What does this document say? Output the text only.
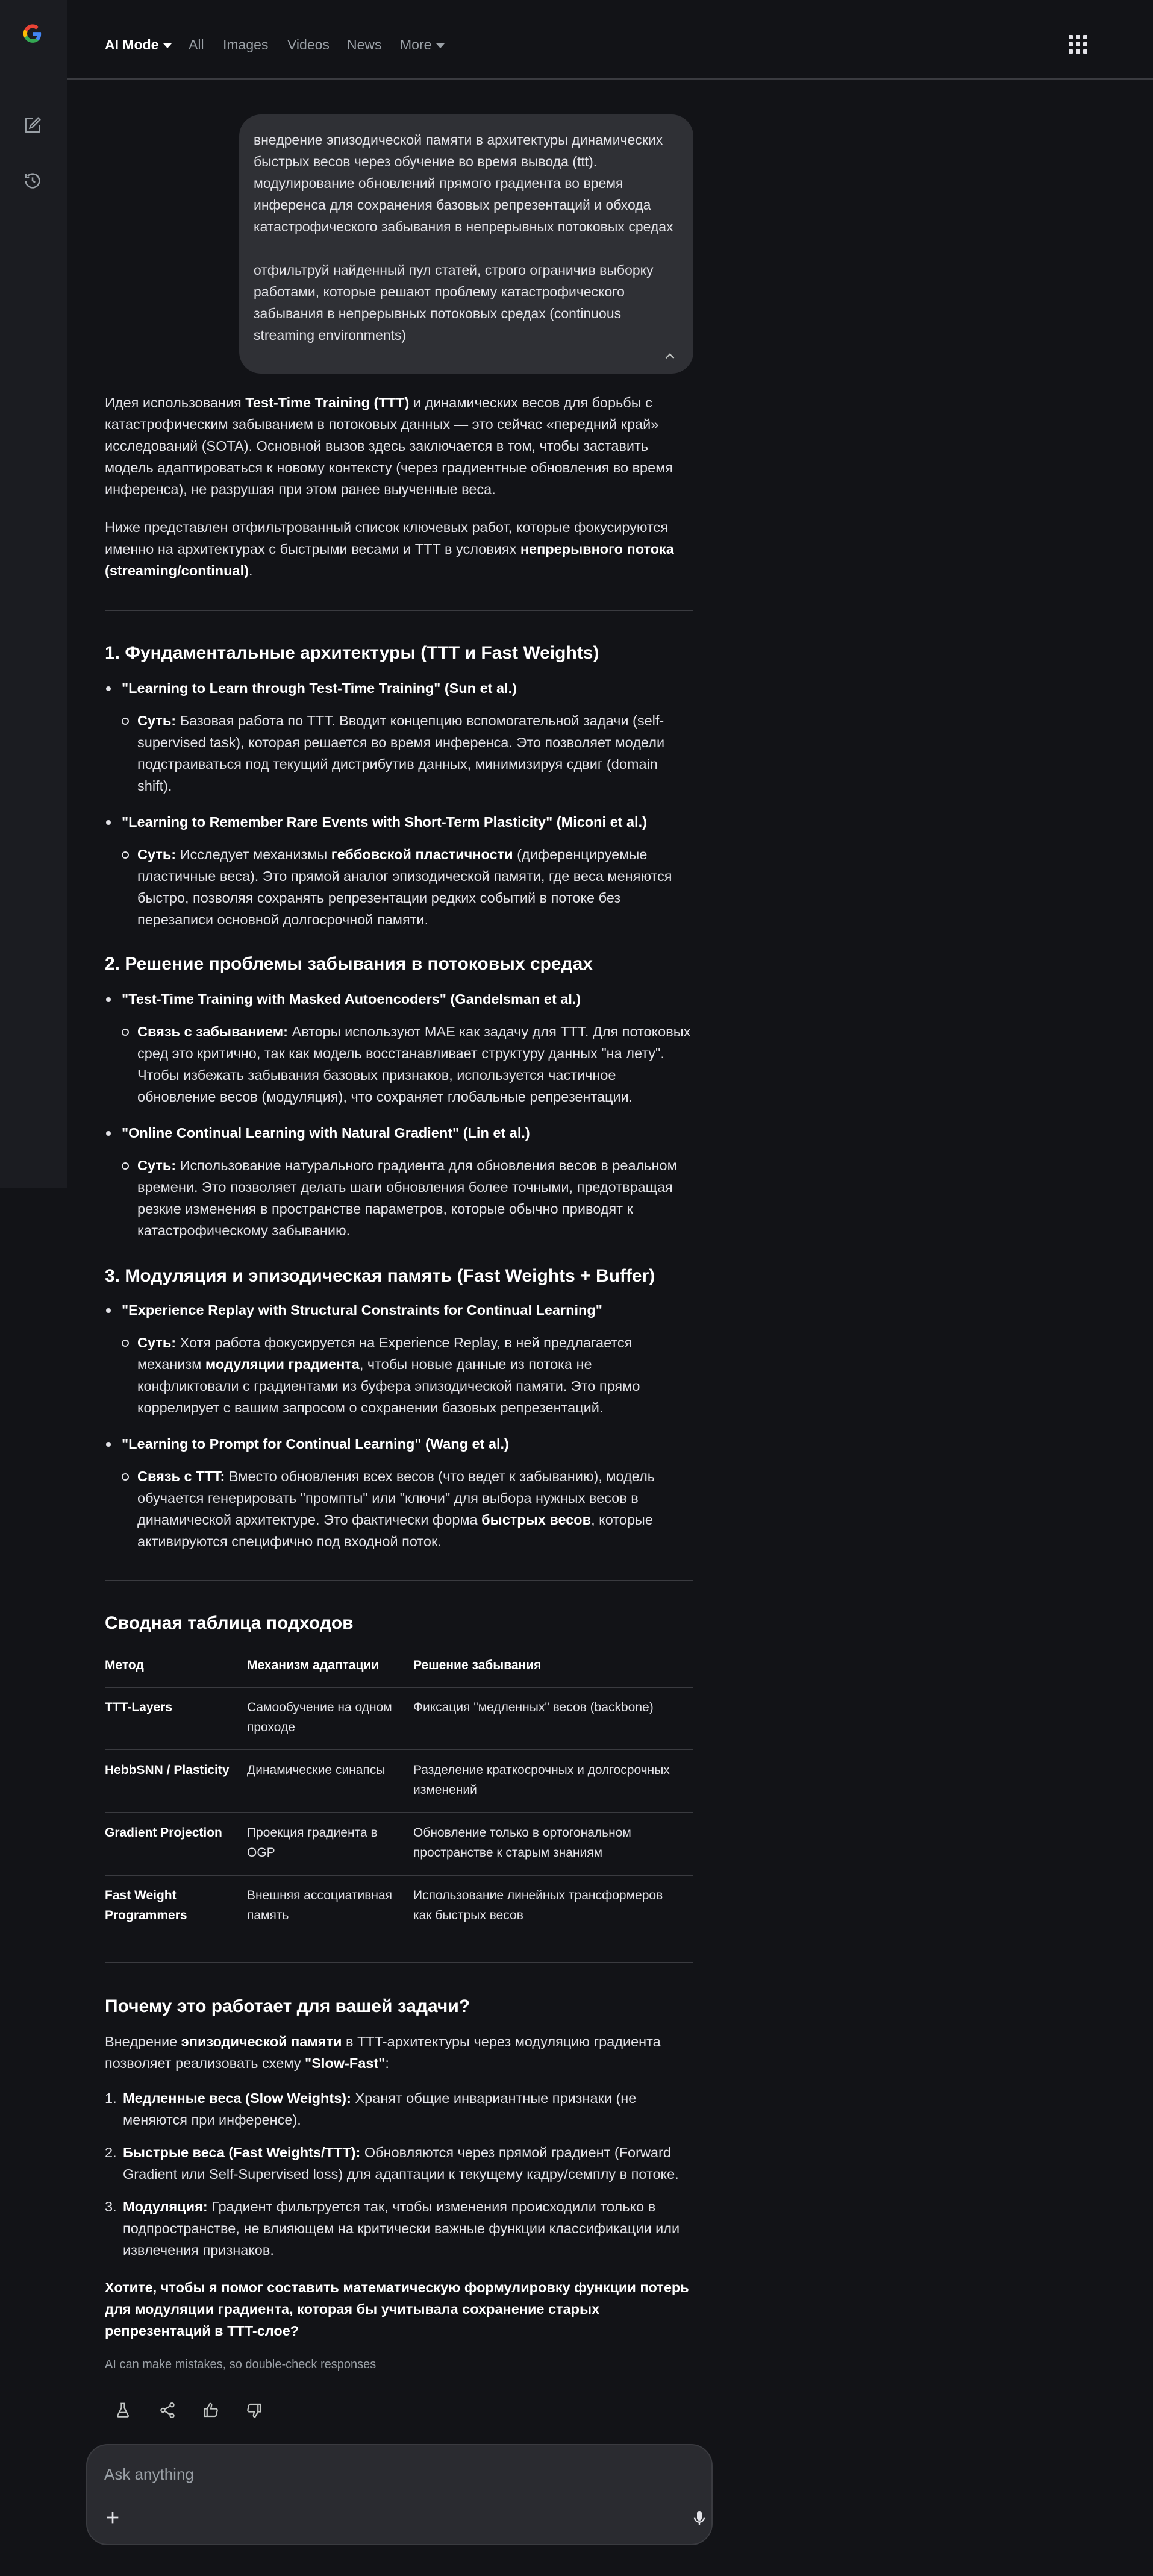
AI Mode	All Images Videos News More

внедрение эпизодической памяти в архитектуры динамических быстрых весов через обучение во время вывода (ttt). модулирование обновлений прямого градиента во время инференса для сохранения базовых репрезентаций и обхода катастрофического забывания в непрерывных потоковых средах

отфильтруй найденный пул статей, строго ограничив выборку работами, которые решают проблему катастрофического забывания в непрерывных потоковых средах (continuous streaming environments)

Идея использования Test-Time Training (TTT) и динамических весов для борьбы с катастрофическим забыванием в потоковых данных — это сейчас «передний край» исследований (SOTA). Основной вызов здесь заключается в том, чтобы заставить модель адаптироваться к новому контексту (через градиентные обновления во время инференса), не разрушая при этом ранее выученные веса.
Ниже представлен отфильтрованный список ключевых работ, которые фокусируются именно на архитектурах с быстрыми весами и TTT в условиях непрерывного потока (streaming/continual).
1. Фундаментальные архитектуры (TTT и Fast Weights)
"Learning to Learn through Test-Time Training" (Sun et al.)
Суть: Базовая работа по TTT. Вводит концепцию вспомогательной задачи (self-supervised task), которая решается во время инференса. Это позволяет модели подстраиваться под текущий дистрибутив данных, минимизируя сдвиг (domain shift).
"Learning to Remember Rare Events with Short-Term Plasticity" (Miconi et al.)
Суть: Исследует механизмы геббовской пластичности (диференцируемые пластичные веса). Это прямой аналог эпизодической памяти, где веса меняются быстро, позволяя сохранять репрезентации редких событий в потоке без перезаписи основной долгосрочной памяти.
2. Решение проблемы забывания в потоковых средах
"Test-Time Training with Masked Autoencoders" (Gandelsman et al.)
Связь с забыванием: Авторы используют MAE как задачу для TTT. Для потоковых сред это критично, так как модель восстанавливает структуру данных "на лету". Чтобы избежать забывания базовых признаков, используется частичное обновление весов (модуляция), что сохраняет глобальные репрезентации.
"Online Continual Learning with Natural Gradient" (Lin et al.)
Суть: Использование натурального градиента для обновления весов в реальном времени. Это позволяет делать шаги обновления более точными, предотвращая резкие изменения в пространстве параметров, которые обычно приводят к катастрофическому забыванию.
3. Модуляция и эпизодическая память (Fast Weights + Buffer)
"Experience Replay with Structural Constraints for Continual Learning"
Суть: Хотя работа фокусируется на Experience Replay, в ней предлагается механизм модуляции градиента, чтобы новые данные из потока не конфликтовали с градиентами из буфера эпизодической памяти. Это прямо коррелирует с вашим запросом о сохранении базовых репрезентаций.
"Learning to Prompt for Continual Learning" (Wang et al.)
Связь с TTT: Вместо обновления всех весов (что ведет к забыванию), модель обучается генерировать "промпты" или "ключи" для выбора нужных весов в динамической архитектуре. Это фактически форма быстрых весов, которые активируются специфично под входной поток.
Сводная таблица подходов
Метод	Механизм адаптации	Решение забывания
TTT-Layers	Самообучение на одном проходе	Фиксация "медленных" весов (backbone)
HebbSNN / Plasticity	Динамические синапсы	Разделение краткосрочных и долгосрочных изменений
Gradient Projection	Проекция градиента в OGP	Обновление только в ортогональном пространстве к старым знаниям
Fast Weight Programmers	Внешняя ассоциативная память	Использование линейных трансформеров как быстрых весов
Почему это работает для вашей задачи?
Внедрение эпизодической памяти в TTT-архитектуры через модуляцию градиента позволяет реализовать схему "Slow-Fast":
1. Медленные веса (Slow Weights): Хранят общие инвариантные признаки (не меняются при инференсе).
2. Быстрые веса (Fast Weights/TTT): Обновляются через прямой градиент (Forward Gradient или Self-Supervised loss) для адаптации к текущему кадру/семплу в потоке.
3. Модуляция: Градиент фильтруется так, чтобы изменения происходили только в подпространстве, не влияющем на критически важные функции классификации или извлечения признаков.
Хотите, чтобы я помог составить математическую формулировку функции потерь для модуляции градиента, которая бы учитывала сохранение старых репрезентаций в TTT-слое?
AI can make mistakes, so double-check responses
Ask anything
